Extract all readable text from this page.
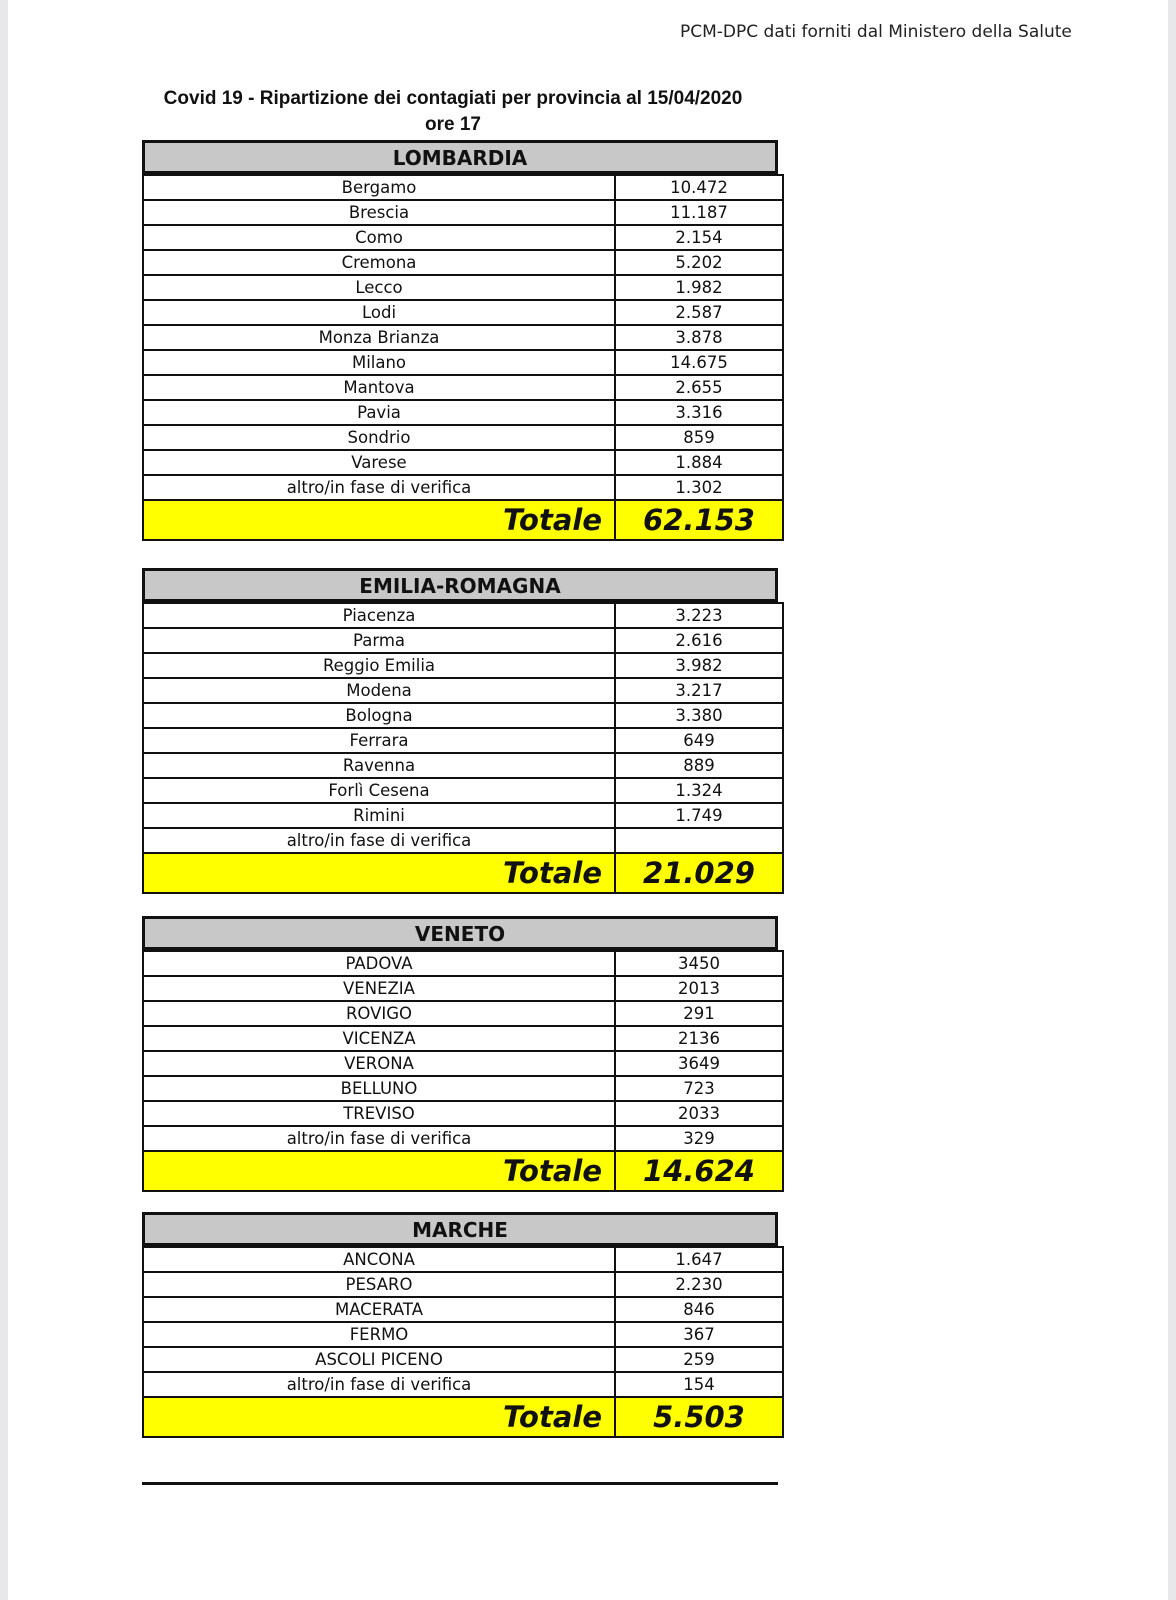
PCM-DPC dati forniti dal Ministero della Salute
Covid 19 - Ripartizione dei contagiati per provincia al 15/04/2020
ore 17
LOMBARDIA
Bergamo	10.472
Brescia	11.187
Como	2.154
Cremona	5.202
Lecco	1.982
Lodi	2.587
Monza Brianza	3.878
Milano	14.675
Mantova	2.655
Pavia	3.316
Sondrio	859
Varese	1.884
altro/in fase di verifica	1.302
Totale	62.153
EMILIA-ROMAGNA
Piacenza	3.223
Parma	2.616
Reggio Emilia	3.982
Modena	3.217
Bologna	3.380
Ferrara	649
Ravenna	889
Forlì Cesena	1.324
Rimini	1.749
altro/in fase di verifica	
Totale	21.029
VENETO
PADOVA	3450
VENEZIA	2013
ROVIGO	291
VICENZA	2136
VERONA	3649
BELLUNO	723
TREVISO	2033
altro/in fase di verifica	329
Totale	14.624
MARCHE
ANCONA	1.647
PESARO	2.230
MACERATA	846
FERMO	367
ASCOLI PICENO	259
altro/in fase di verifica	154
Totale	5.503
